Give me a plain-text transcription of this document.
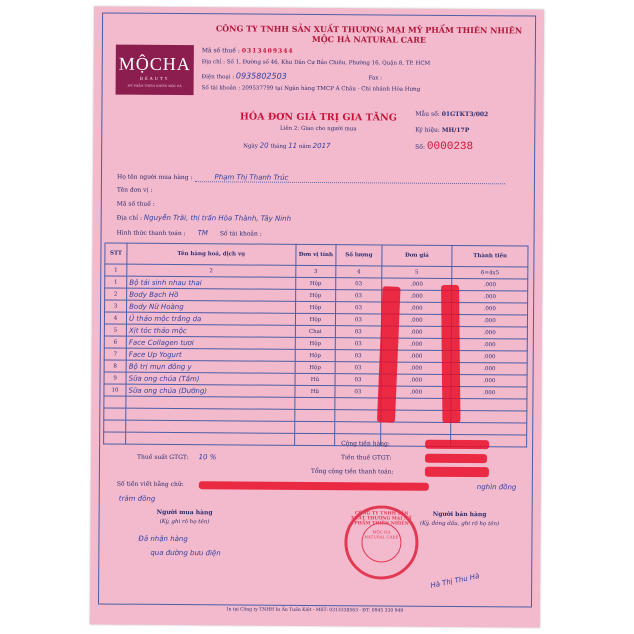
MỘCHA
BEAUTY
MỸ PHẨM THIÊN NHIÊN MỘC HÀ
CÔNG TY TNHH SẢN XUẤT THƯƠNG MẠI MỸ PHẨM THIÊN NHIÊN
MỘC HÀ NATURAL CARE
Mã số thuế : 0313409344
Địa chỉ : Số 1, Đường số 46, Khu Dân Cư Bảo Chiêu, Phường 16, Quận 8, TP. HCM
Điện thoại : 0935802503	Fax :
Số tài khoản : 209537799 tại Ngân hàng TMCP Á Châu - Chi nhánh Hòa Hưng
HÓA ĐƠN GIÁ TRỊ GIA TĂNG
Liên 2: Giao cho người mua
Ngày 20 tháng 11 năm 2017
Mẫu số: 01GTKT3/002
Ký hiệu: MH/17P
Số: 0000238
Họ tên người mua hàng :	Phạm Thị Thanh Trúc
Tên đơn vị :
Mã số thuế :
Địa chỉ : Nguyễn Trãi, thị trấn Hòa Thành, Tây Ninh
Hình thức thanh toán : TM Số tài khoản :
STT	Tên hàng hoá, dịch vụ	Đơn vị tính	Số lượng	Đơn giá	Thành tiền
1	2	3	4	5	6=4x5
1	Bộ tái sinh nhau thai	Hộp	03	.000	.000
2	Body Bạch Hồ	Hộp	03	.000	.000
3	Body Nữ Hoàng	Hộp	03	.000	.000
4	Ủ thảo mộc trắng da	Hộp	03	.000	.000
5	Xịt tóc thảo mộc	Chai	03	.000	.000
6	Face Collagen tươi	Hộp	03	.000	.000
7	Face Up Yogurt	Hộp	03	.000	.000
8	Bộ trị mụn đông y	Hộp	03	.000	.000
9	Sữa ong chúa (Tắm)	Hũ	03	.000	.000
10	Sữa ong chúa (Dưỡng)	Hũ	03	.000	.000

Cộng tiền hàng:
Thuế suất GTGT: 10 %	Tiền thuế GTGT:
Tổng cộng tiền thanh toán:
Số tiền viết bằng chữ:	nghìn đồng
trăm đồng
Người mua hàng
(Ký, ghi rõ họ tên)
Đã nhận hàng
qua đường bưu điện
Người bán hàng
(Ký, đóng dấu, ghi rõ họ tên)
Hà Thị Thu Hà
CÔNG TY TNHH SẢN XUẤT THƯƠNG MẠI MỸ PHẨM THIÊN NHIÊN
MỘC HÀ NATURAL CARE
In tại Công ty TNHH In Ấn Tuấn Kiệt - MST: 0313338563 - ĐT: 0945 330 949
